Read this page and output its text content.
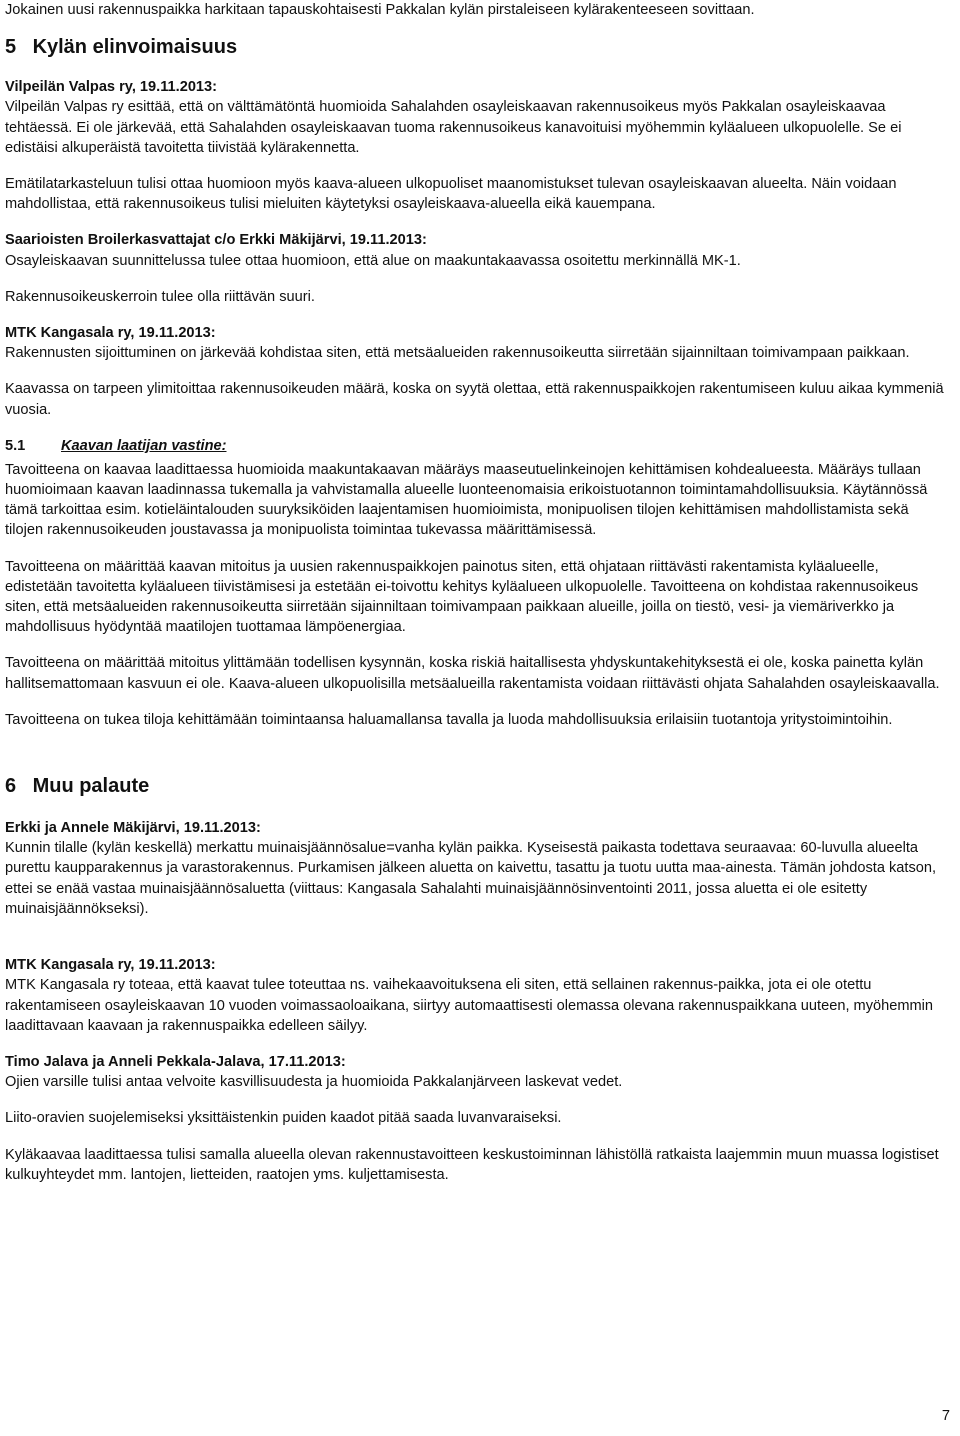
Jokainen uusi rakennuspaikka harkitaan tapauskohtaisesti Pakkalan kylän pirstaleiseen kylärakenteeseen sovittaan.

5 Kylän elinvoimaisuus
Vilpeilän Valpas ry, 19.11.2013:

Vilpeilän Valpas ry esittää, että on välttämätöntä huomioida Sahalahden osayleiskaavan rakennusoikeus myös Pakkalan osayleiskaavaa tehtäessä. Ei ole järkevää, että Sahalahden osayleiskaavan tuoma rakennusoikeus kanavoituisi myöhemmin kyläalueen ulkopuolelle. Se ei edistäisi alkuperäistä tavoitetta tiivistää kylärakennetta.

Emätilatarkasteluun tulisi ottaa huomioon myös kaava-alueen ulkopuoliset maanomistukset tulevan osayleiskaavan alueelta. Näin voidaan mahdollistaa, että rakennusoikeus tulisi mieluiten käytetyksi osayleiskaava-alueella eikä kauempana.

Saarioisten Broilerkasvattajat c/o Erkki Mäkijärvi, 19.11.2013:

Osayleiskaavan suunnittelussa tulee ottaa huomioon, että alue on maakuntakaavassa osoitettu merkinnällä MK-1.

Rakennusoikeuskerroin tulee olla riittävän suuri.

MTK Kangasala ry, 19.11.2013:

Rakennusten sijoittuminen on järkevää kohdistaa siten, että metsäalueiden rakennusoikeutta siirretään sijainniltaan toimivampaan paikkaan.

Kaavassa on tarpeen ylimitoittaa rakennusoikeuden määrä, koska on syytä olettaa, että rakennuspaikkojen rakentumiseen kuluu aikaa kymmeniä vuosia.

5.1 Kaavan laatijan vastine:

Tavoitteena on kaavaa laadittaessa huomioida maakuntakaavan määräys maaseutuelinkeinojen kehittämisen kohdealueesta. Määräys tullaan huomioimaan kaavan laadinnassa tukemalla ja vahvistamalla alueelle luonteenomaisia erikoistuotannon toimintamahdollisuuksia. Käytännössä tämä tarkoittaa esim. kotieläintalouden suuryksiköiden laajentamisen huomioimista, monipuolisen tilojen kehittämisen mahdollistamista sekä tilojen rakennusoikeuden joustavassa ja monipuolista toimintaa tukevassa määrittämisessä.

Tavoitteena on määrittää kaavan mitoitus ja uusien rakennuspaikkojen painotus siten, että ohjataan riittävästi rakentamista kyläalueelle, edistetään tavoitetta kyläalueen tiivistämisesi ja estetään ei-toivottu kehitys kyläalueen ulkopuolelle. Tavoitteena on kohdistaa rakennusoikeus siten, että metsäalueiden rakennusoikeutta siirretään sijainniltaan toimivampaan paikkaan alueille, joilla on tiestö, vesi- ja viemäriverkko ja mahdollisuus hyödyntää maatilojen tuottamaa lämpöenergiaa.

Tavoitteena on määrittää mitoitus ylittämään todellisen kysynnän, koska riskiä haitallisesta yhdyskuntakehityksestä ei ole, koska painetta kylän hallitsemattomaan kasvuun ei ole. Kaava-alueen ulkopuolisilla metsäalueilla rakentamista voidaan riittävästi ohjata Sahalahden osayleiskaavalla.

Tavoitteena on tukea tiloja kehittämään toimintaansa haluamallansa tavalla ja luoda mahdollisuuksia erilaisiin tuotantoja yritystoimintoihin.

6 Muu palaute
Erkki ja Annele Mäkijärvi, 19.11.2013:

Kunnin tilalle (kylän keskellä) merkattu muinaisjäännösalue=vanha kylän paikka. Kyseisestä paikasta todettava seuraavaa: 60-luvulla alueelta purettu kaupparakennus ja varastorakennus. Purkamisen jälkeen aluetta on kaivettu, tasattu ja tuotu uutta maa-ainesta. Tämän johdosta katson, ettei se enää vastaa muinaisjäännösaluetta (viittaus: Kangasala Sahalahti muinaisjäännösinventointi 2011, jossa aluetta ei ole esitetty muinaisjäännökseksi).

MTK Kangasala ry, 19.11.2013:

MTK Kangasala ry toteaa, että kaavat tulee toteuttaa ns. vaihekaavoituksena eli siten, että sellainen rakennus-paikka, jota ei ole otettu rakentamiseen osayleiskaavan 10 vuoden voimassaoloaikana, siirtyy automaattisesti olemassa olevana rakennuspaikkana uuteen, myöhemmin laadittavaan kaavaan ja rakennuspaikka edelleen säilyy.

Timo Jalava ja Anneli Pekkala-Jalava, 17.11.2013:

Ojien varsille tulisi antaa velvoite kasvillisuudesta ja huomioida Pakkalanjärveen laskevat vedet.

Liito-oravien suojelemiseksi yksittäistenkin puiden kaadot pitää saada luvanvaraiseksi.

Kyläkaavaa laadittaessa tulisi samalla alueella olevan rakennustavoitteen keskustoiminnan lähistöllä ratkaista laajemmin muun muassa logistiset kulkuyhteydet mm. lantojen, lietteiden, raatojen yms. kuljettamisesta.

7
